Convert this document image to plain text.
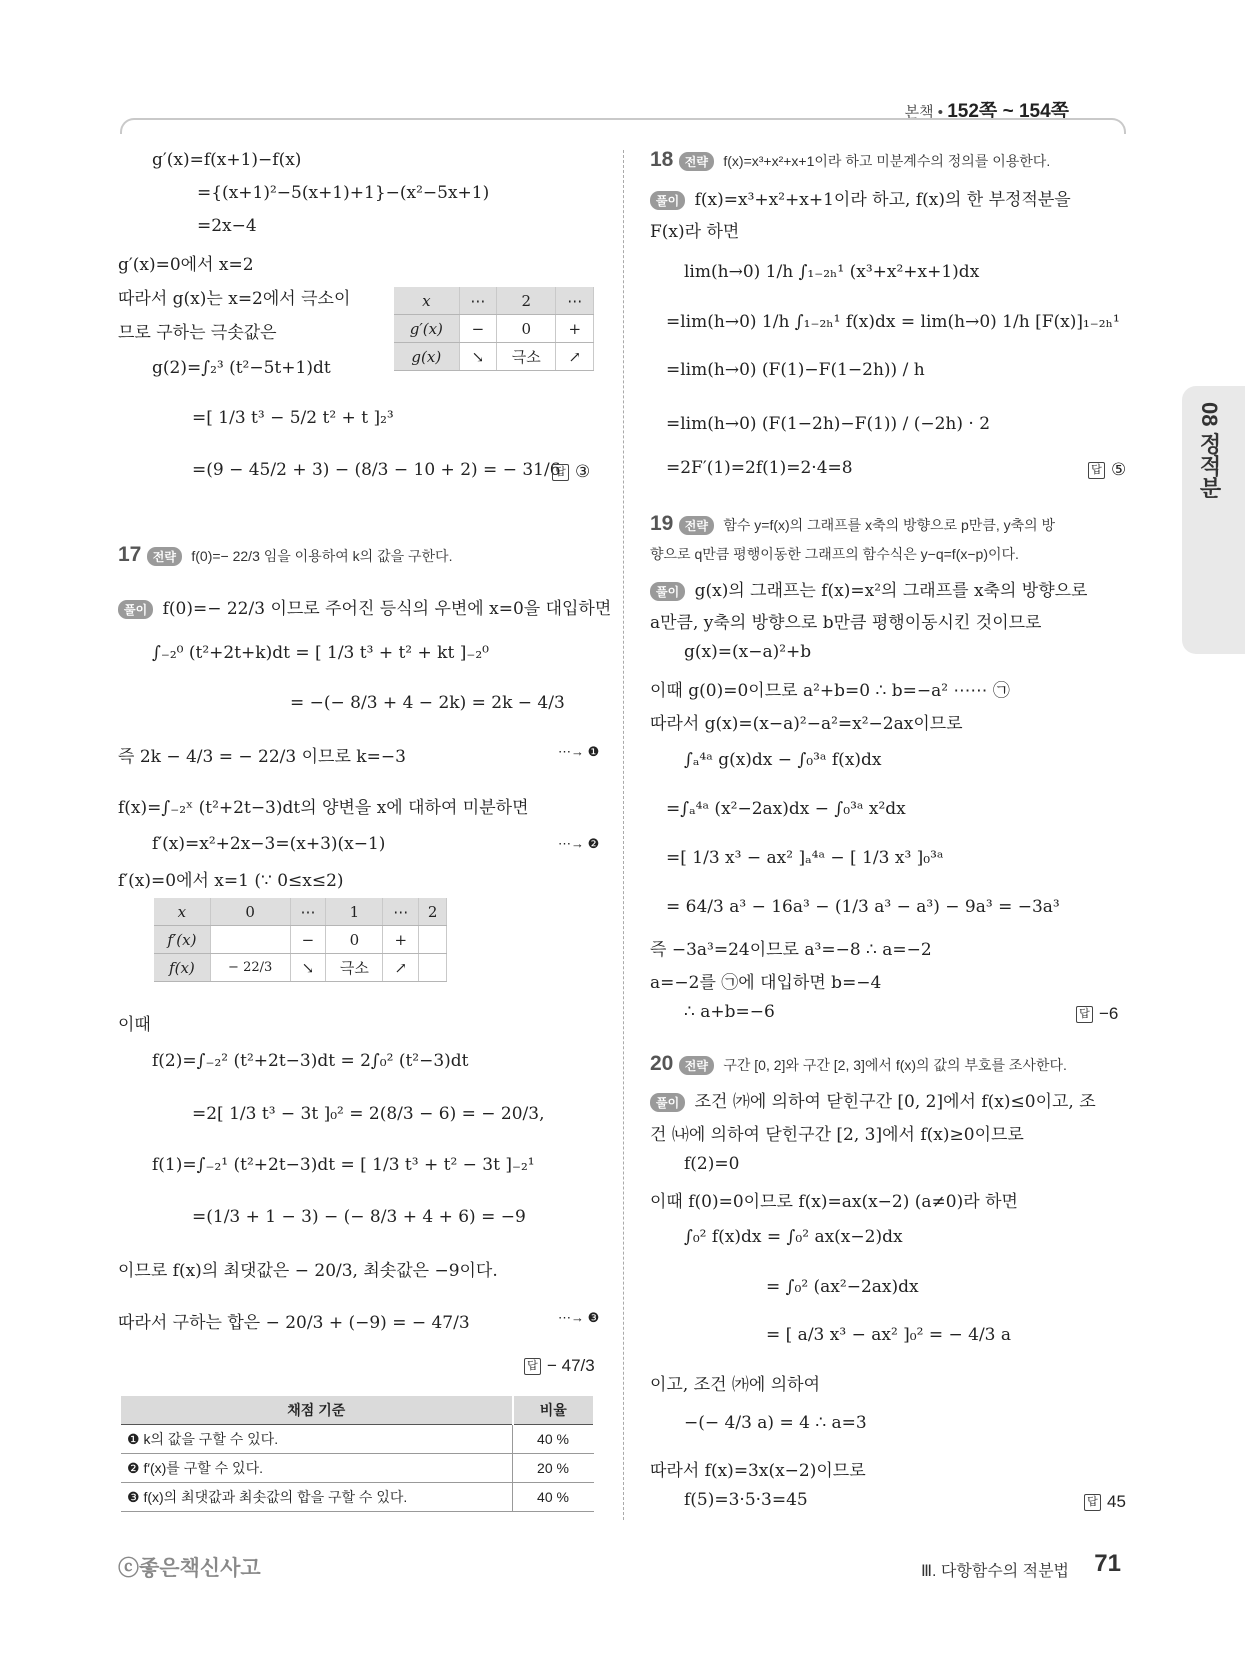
본책 • 152쪽 ~ 154쪽
08 정적분
g′(x)=f(x+1)−f(x)
={(x+1)²−5(x+1)+1}−(x²−5x+1)
=2x−4
g′(x)=0에서 x=2
따라서 g(x)는 x=2에서 극소이
므로 구하는 극솟값은
g(2)=∫₂³ (t²−5t+1)dt
=[ 1/3 t³ − 5/2 t² + t ]₂³
=(9 − 45/2 + 3) − (8/3 − 10 + 2) = − 31/6 답 ③
x	⋯	2	⋯
g′(x)	−	0	+
g(x)	↘	극소	↗
17 전략 f(0)=− 22/3 임을 이용하여 k의 값을 구한다.
풀이 f(0)=− 22/3 이므로 주어진 등식의 우변에 x=0을 대입하면
∫₋₂⁰ (t²+2t+k)dt = [ 1/3 t³ + t² + kt ]₋₂⁰
= −(− 8/3 + 4 − 2k) = 2k − 4/3
즉 2k − 4/3 = − 22/3 이므로 k=−3	⋯→ ❶
f(x)=∫₋₂ˣ (t²+2t−3)dt의 양변을 x에 대하여 미분하면
f′(x)=x²+2x−3=(x+3)(x−1)	⋯→ ❷
f′(x)=0에서 x=1 (∵ 0≤x≤2)
x	0	⋯	1	⋯	2
f′(x)		−	0	+	
f(x)	− 22/3	↘	극소	↗	
이때
f(2)=∫₋₂² (t²+2t−3)dt = 2∫₀² (t²−3)dt
=2[ 1/3 t³ − 3t ]₀² = 2(8/3 − 6) = − 20/3,
f(1)=∫₋₂¹ (t²+2t−3)dt = [ 1/3 t³ + t² − 3t ]₋₂¹
=(1/3 + 1 − 3) − (− 8/3 + 4 + 6) = −9
이므로 f(x)의 최댓값은 − 20/3, 최솟값은 −9이다.
따라서 구하는 합은 − 20/3 + (−9) = − 47/3	⋯→ ❸
답 − 47/3
채점 기준	비율
❶ k의 값을 구할 수 있다.	40 %
❷ f′(x)를 구할 수 있다.	20 %
❸ f(x)의 최댓값과 최솟값의 합을 구할 수 있다.	40 %
18 전략 f(x)=x³+x²+x+1이라 하고 미분계수의 정의를 이용한다.
풀이 f(x)=x³+x²+x+1이라 하고, f(x)의 한 부정적분을
F(x)라 하면
lim(h→0) 1/h ∫₁₋₂ₕ¹ (x³+x²+x+1)dx
=lim(h→0) 1/h ∫₁₋₂ₕ¹ f(x)dx = lim(h→0) 1/h [F(x)]₁₋₂ₕ¹
=lim(h→0) (F(1)−F(1−2h)) / h
=lim(h→0) (F(1−2h)−F(1)) / (−2h) · 2
=2F′(1)=2f(1)=2·4=8	답 ⑤
19 전략 함수 y=f(x)의 그래프를 x축의 방향으로 p만큼, y축의 방
향으로 q만큼 평행이동한 그래프의 함수식은 y−q=f(x−p)이다.
풀이 g(x)의 그래프는 f(x)=x²의 그래프를 x축의 방향으로
a만큼, y축의 방향으로 b만큼 평행이동시킨 것이므로
g(x)=(x−a)²+b
이때 g(0)=0이므로 a²+b=0 ∴ b=−a² ⋯⋯ ㉠
따라서 g(x)=(x−a)²−a²=x²−2ax이므로
∫ₐ⁴ᵃ g(x)dx − ∫₀³ᵃ f(x)dx
=∫ₐ⁴ᵃ (x²−2ax)dx − ∫₀³ᵃ x²dx
=[ 1/3 x³ − ax² ]ₐ⁴ᵃ − [ 1/3 x³ ]₀³ᵃ
= 64/3 a³ − 16a³ − (1/3 a³ − a³) − 9a³ = −3a³
즉 −3a³=24이므로 a³=−8 ∴ a=−2
a=−2를 ㉠에 대입하면 b=−4
∴ a+b=−6	답 −6
20 전략 구간 [0, 2]와 구간 [2, 3]에서 f(x)의 값의 부호를 조사한다.
풀이 조건 ㈎에 의하여 닫힌구간 [0, 2]에서 f(x)≤0이고, 조
건 ㈏에 의하여 닫힌구간 [2, 3]에서 f(x)≥0이므로
f(2)=0
이때 f(0)=0이므로 f(x)=ax(x−2) (a≠0)라 하면
∫₀² f(x)dx = ∫₀² ax(x−2)dx
= ∫₀² (ax²−2ax)dx
= [ a/3 x³ − ax² ]₀² = − 4/3 a
이고, 조건 ㈎에 의하여
−(− 4/3 a) = 4 ∴ a=3
따라서 f(x)=3x(x−2)이므로
f(5)=3·5·3=45	답 45
ⓒ좋은책신사고	Ⅲ. 다항함수의 적분법 71
